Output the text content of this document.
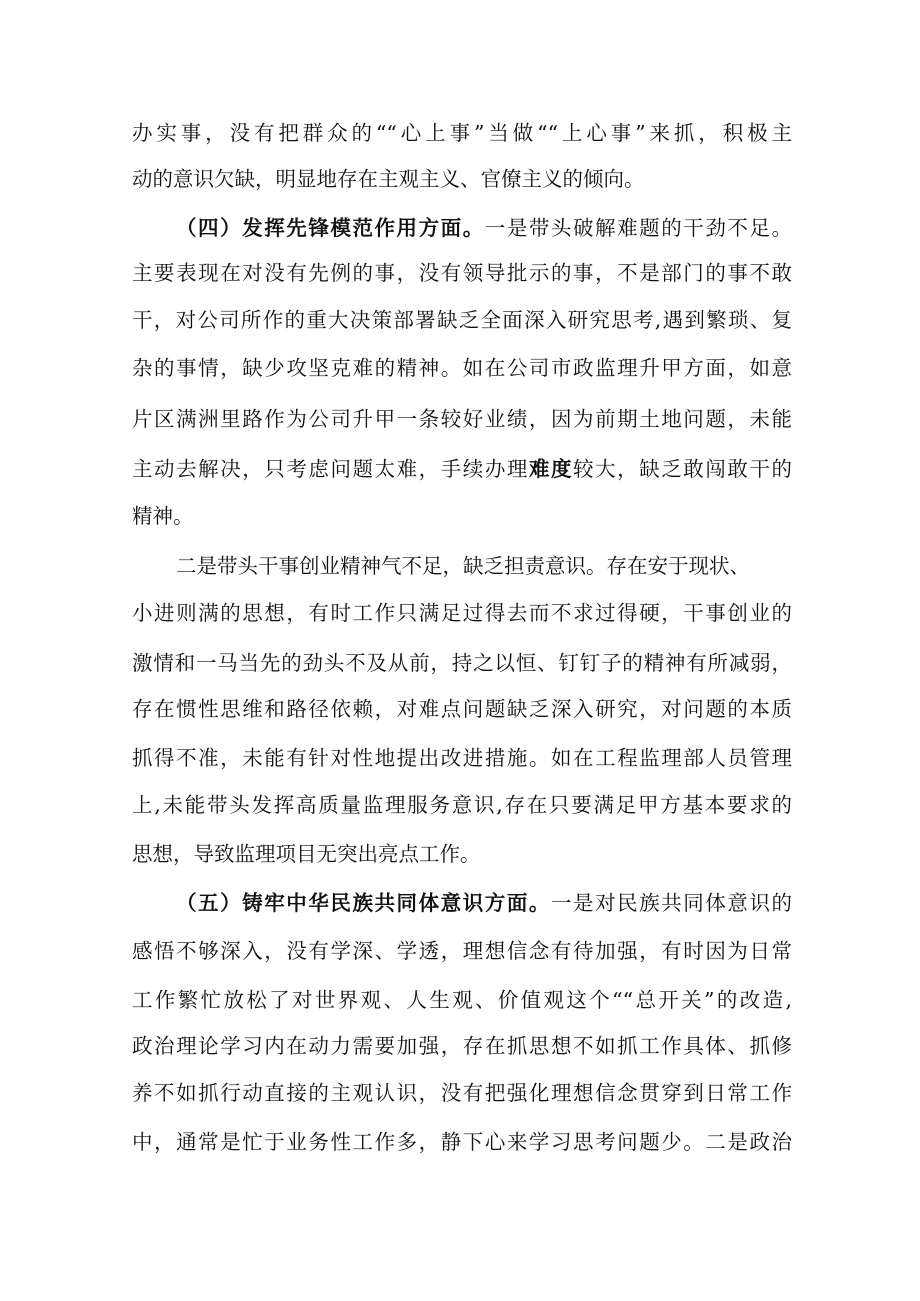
办实事，没有把群众的““心上事”当做““上心事”来抓，积极主
动的意识欠缺，明显地存在主观主义、官僚主义的倾向。
（四）发挥先锋模范作用方面。一是带头破解难题的干劲不足。
主要表现在对没有先例的事，没有领导批示的事，不是部门的事不敢
干，对公司所作的重大决策部署缺乏全面深入研究思考,遇到繁琐、复
杂的事情，缺少攻坚克难的精神。如在公司市政监理升甲方面，如意
片区满洲里路作为公司升甲一条较好业绩，因为前期土地问题，未能
主动去解决，只考虑问题太难，手续办理难度较大，缺乏敢闯敢干的
精神。
二是带头干事创业精神气不足，缺乏担责意识。存在安于现状、
小进则满的思想，有时工作只满足过得去而不求过得硬，干事创业的
激情和一马当先的劲头不及从前，持之以恒、钉钉子的精神有所减弱，
存在惯性思维和路径依赖，对难点问题缺乏深入研究，对问题的本质
抓得不准，未能有针对性地提出改进措施。如在工程监理部人员管理
上,未能带头发挥高质量监理服务意识,存在只要满足甲方基本要求的
思想，导致监理项目无突出亮点工作。
（五）铸牢中华民族共同体意识方面。一是对民族共同体意识的
感悟不够深入，没有学深、学透，理想信念有待加强，有时因为日常
工作繁忙放松了对世界观、人生观、价值观这个““总开关”的改造,
政治理论学习内在动力需要加强，存在抓思想不如抓工作具体、抓修
养不如抓行动直接的主观认识，没有把强化理想信念贯穿到日常工作
中，通常是忙于业务性工作多，静下心来学习思考问题少。二是政治
